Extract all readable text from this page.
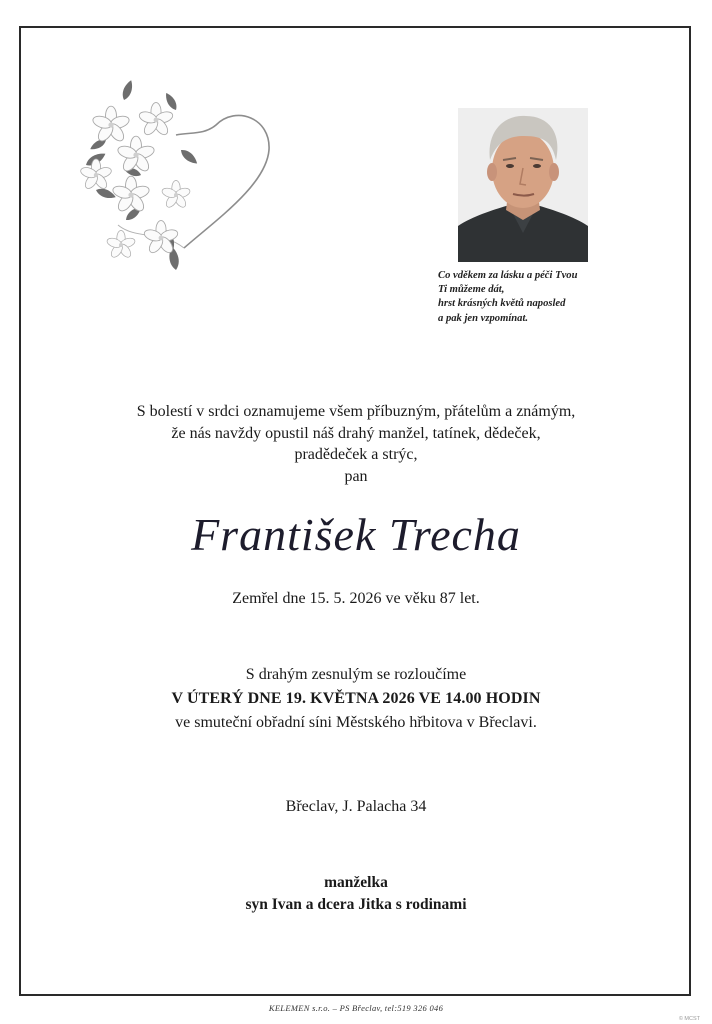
Co vděkem za lásku a péči Tvou
Ti můžeme dát,
hrst krásných květů naposled
a pak jen vzpomínat.
S bolestí v srdci oznamujeme všem příbuzným, přátelům a známým,
že nás navždy opustil náš drahý manžel, tatínek, dědeček,
pradědeček a strýc,
pan
František Trecha
Zemřel dne 15. 5. 2026 ve věku 87 let.
S drahým zesnulým se rozloučíme
V ÚTERÝ DNE 19. KVĚTNA 2026 VE 14.00 HODIN
ve smuteční obřadní síni Městského hřbitova v Břeclavi.
Břeclav, J. Palacha 34
manželka
syn Ivan a dcera Jitka s rodinami
KELEMEN s.r.o. – PS Břeclav, tel:519 326 046
© MCST
